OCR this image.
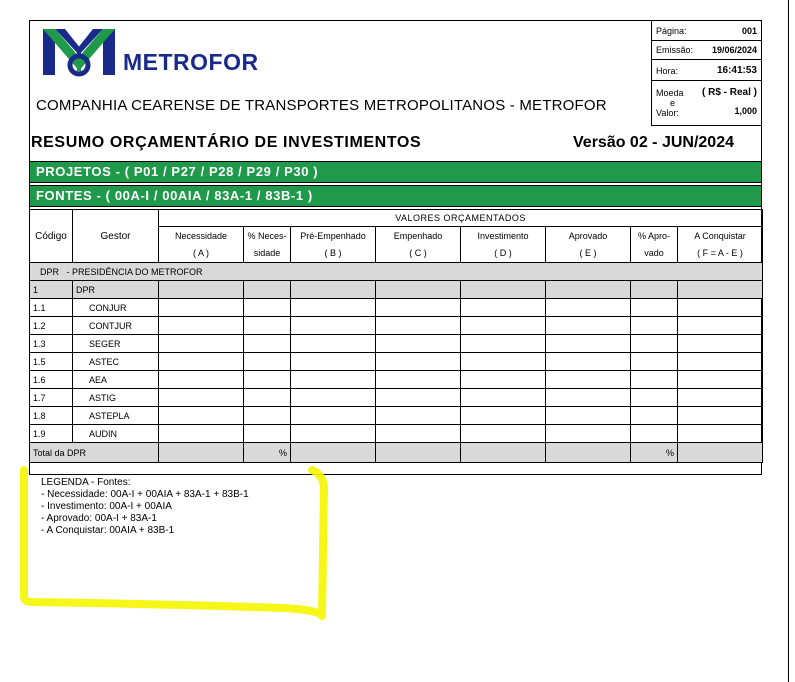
METROFOR
COMPANHIA CEARENSE DE TRANSPORTES METROPOLITANOS - METROFOR
Página:	001
Emissão: 19/06/2024
Hora:	16:41:53
Moeda
e
Valor:
( R$ - Real )
1,000
RESUMO ORÇAMENTÁRIO DE INVESTIMENTOS	Versão 02 - JUN/2024
PROJETOS - ( P01 / P27 / P28 / P29 / P30 )
FONTES - ( 00A-I / 00AIA / 83A-1 / 83B-1 )
Código	Gestor	VALORES ORÇAMENTADOS							
		Necessidade	% Neces-	Pré-Empenhado	Empenhado	Investimento	Aprovado	% Apro-	A Conquistar
		( A )	sidade	( B )	( C )	( D )	( E )	vado	( F = A - E )
DPR - PRESIDÊNCIA DO METROFOR									
1	DPR								
1.1	CONJUR								
1.2	CONTJUR								
1.3	SEGER								
1.5	ASTEC								
1.6	AEA								
1.7	ASTIG								
1.8	ASTEPLA								
1.9	AUDIN								
Total da DPR			%					%	
LEGENDA - Fontes:
- Necessidade: 00A-I + 00AIA + 83A-1 + 83B-1
- Investimento: 00A-I + 00AIA
- Aprovado: 00A-I + 83A-1
- A Conquistar: 00AIA + 83B-1
